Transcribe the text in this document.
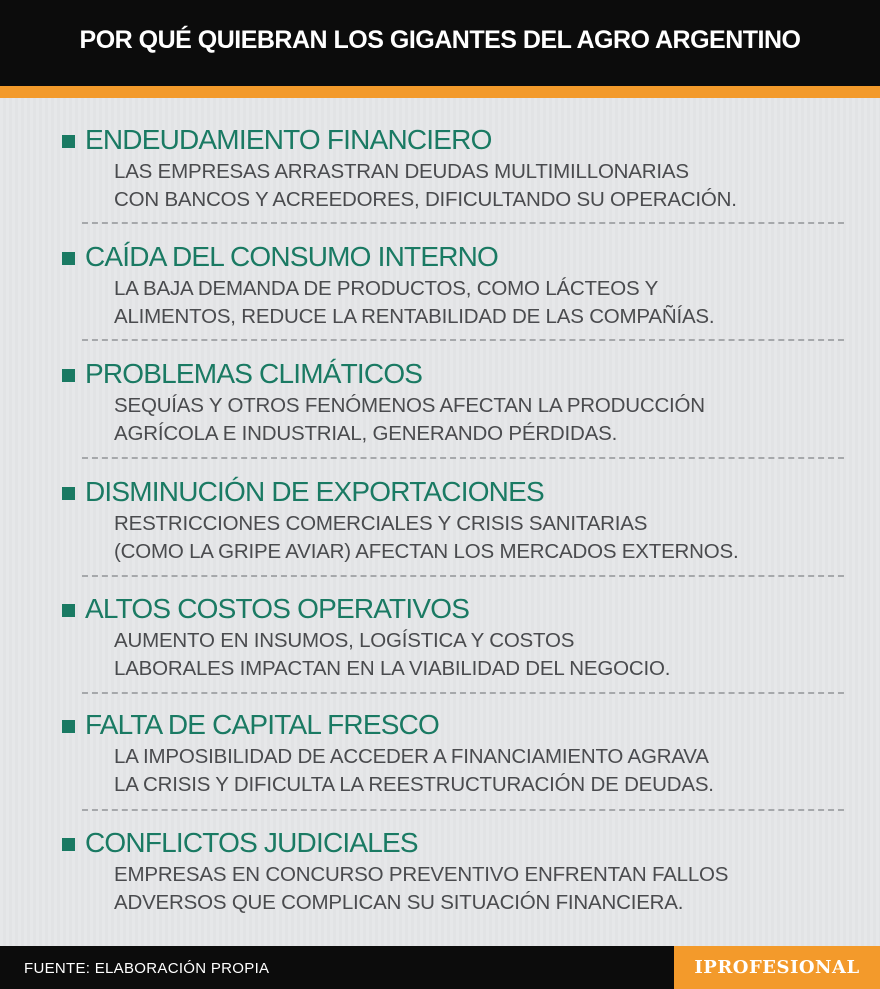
POR QUÉ QUIEBRAN LOS GIGANTES DEL AGRO ARGENTINO
ENDEUDAMIENTO FINANCIERO
LAS EMPRESAS ARRASTRAN DEUDAS MULTIMILLONARIAS
CON BANCOS Y ACREEDORES, DIFICULTANDO SU OPERACIÓN.
CAÍDA DEL CONSUMO INTERNO
LA BAJA DEMANDA DE PRODUCTOS, COMO LÁCTEOS Y
ALIMENTOS, REDUCE LA RENTABILIDAD DE LAS COMPAÑÍAS.
PROBLEMAS CLIMÁTICOS
SEQUÍAS Y OTROS FENÓMENOS AFECTAN LA PRODUCCIÓN
AGRÍCOLA E INDUSTRIAL, GENERANDO PÉRDIDAS.
DISMINUCIÓN DE EXPORTACIONES
RESTRICCIONES COMERCIALES Y CRISIS SANITARIAS
(COMO LA GRIPE AVIAR) AFECTAN LOS MERCADOS EXTERNOS.
ALTOS COSTOS OPERATIVOS
AUMENTO EN INSUMOS, LOGÍSTICA Y COSTOS
LABORALES IMPACTAN EN LA VIABILIDAD DEL NEGOCIO.
FALTA DE CAPITAL FRESCO
LA IMPOSIBILIDAD DE ACCEDER A FINANCIAMIENTO AGRAVA
LA CRISIS Y DIFICULTA LA REESTRUCTURACIÓN DE DEUDAS.
CONFLICTOS JUDICIALES
EMPRESAS EN CONCURSO PREVENTIVO ENFRENTAN FALLOS
ADVERSOS QUE COMPLICAN SU SITUACIÓN FINANCIERA.
FUENTE: ELABORACIÓN PROPIA	IPROFESIONAL
